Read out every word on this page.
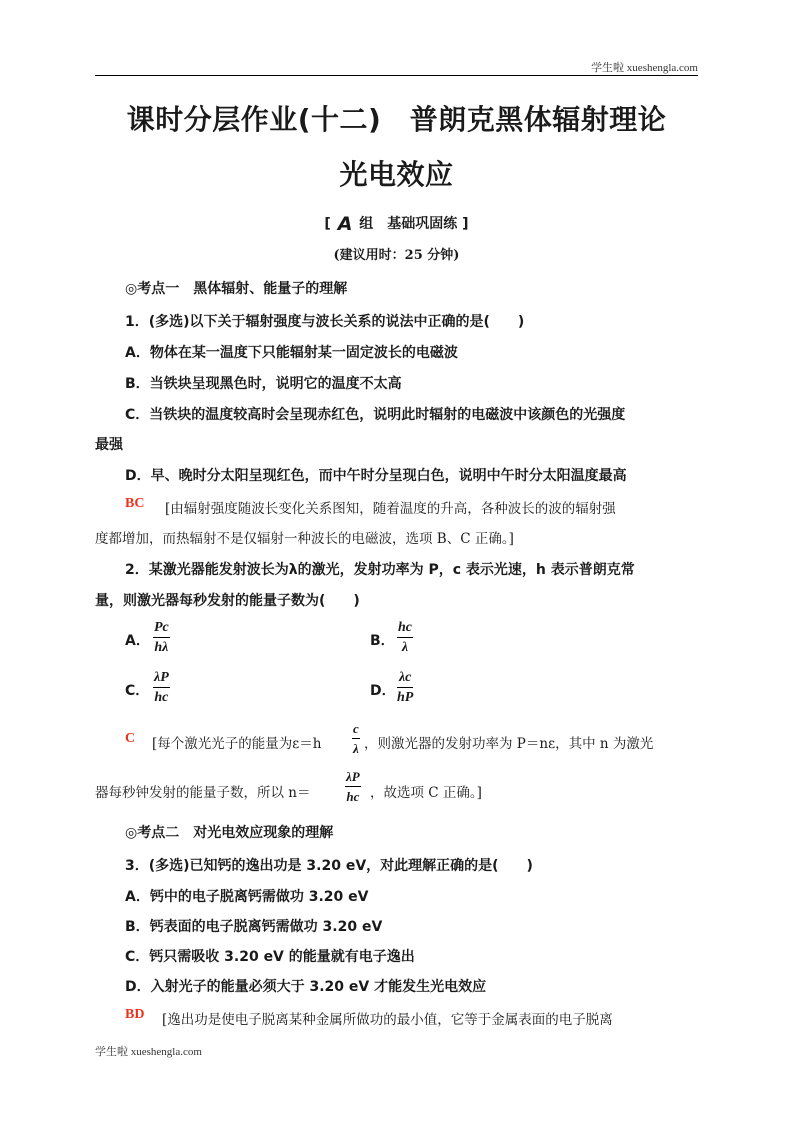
学生啦 xueshengla.com
课时分层作业(十二)　普朗克黑体辐射理论
光电效应
[ A 组　基础巩固练 ]
(建议用时：25 分钟)
◎考点一　黑体辐射、能量子的理解
1．(多选)以下关于辐射强度与波长关系的说法中正确的是(　　)
A．物体在某一温度下只能辐射某一固定波长的电磁波
B．当铁块呈现黑色时，说明它的温度不太高
C．当铁块的温度较高时会呈现赤红色，说明此时辐射的电磁波中该颜色的光强度
最强
D．早、晚时分太阳呈现红色，而中午时分呈现白色，说明中午时分太阳温度最高
BC [由辐射强度随波长变化关系图知，随着温度的升高，各种波长的波的辐射强
度都增加，而热辐射不是仅辐射一种波长的电磁波，选项 B、C 正确。]
2．某激光器能发射波长为λ的激光，发射功率为 P，c 表示光速，h 表示普朗克常
量，则激光器每秒发射的能量子数为(　　)
A．
Pc
hλ	B．
hc
λ
C．
λP
hc	D．
λc
hP
C [每个激光光子的能量为ε＝h
c
λ ，则激光器的发射功率为 P＝nε，其中 n 为激光
器每秒钟发射的能量子数，所以 n＝
λP
hc ，故选项 C 正确。]
◎考点二　对光电效应现象的理解
3．(多选)已知钙的逸出功是 3.20 eV，对此理解正确的是(　　)
A．钙中的电子脱离钙需做功 3.20 eV
B．钙表面的电子脱离钙需做功 3.20 eV
C．钙只需吸收 3.20 eV 的能量就有电子逸出
D．入射光子的能量必须大于 3.20 eV 才能发生光电效应
BD [逸出功是使电子脱离某种金属所做功的最小值，它等于金属表面的电子脱离
学生啦 xueshengla.com
